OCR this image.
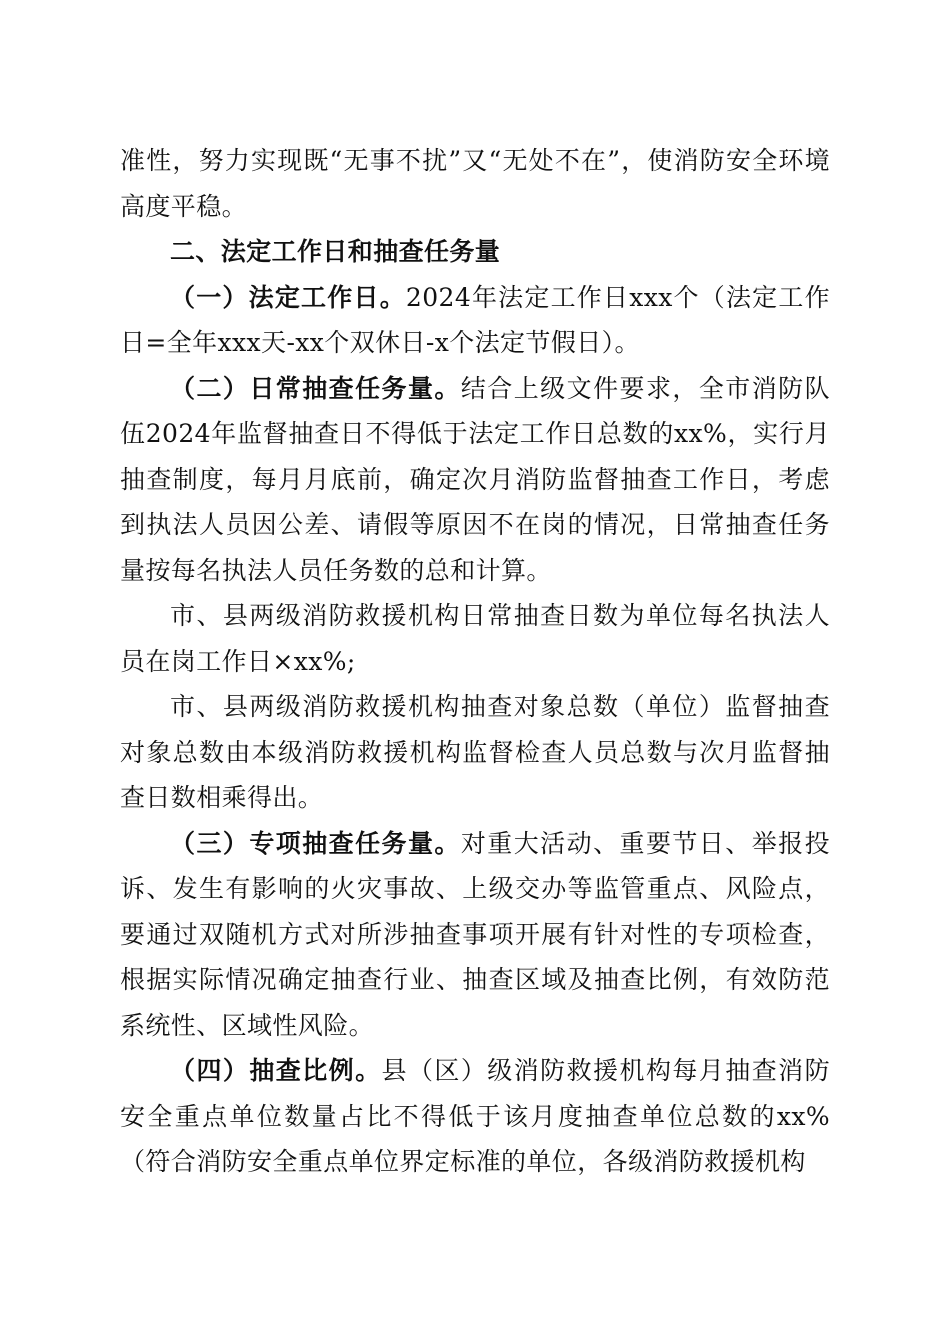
准性，努力实现既“无事不扰”又“无处不在”，使消防安全环境高度平稳。

二、法定工作日和抽查任务量

（一）法定工作日。2024年法定工作日xxx个（法定工作日=全年xxx天-xx个双休日-x个法定节假日）。

（二）日常抽查任务量。结合上级文件要求，全市消防队伍2024年监督抽查日不得低于法定工作日总数的xx%，实行月抽查制度，每月月底前，确定次月消防监督抽查工作日，考虑到执法人员因公差、请假等原因不在岗的情况，日常抽查任务量按每名执法人员任务数的总和计算。

市、县两级消防救援机构日常抽查日数为单位每名执法人员在岗工作日×xx%;

市、县两级消防救援机构抽查对象总数（单位）监督抽查对象总数由本级消防救援机构监督检查人员总数与次月监督抽查日数相乘得出。

（三）专项抽查任务量。对重大活动、重要节日、举报投诉、发生有影响的火灾事故、上级交办等监管重点、风险点，要通过双随机方式对所涉抽查事项开展有针对性的专项检查，根据实际情况确定抽查行业、抽查区域及抽查比例，有效防范系统性、区域性风险。

（四）抽查比例。县（区）级消防救援机构每月抽查消防安全重点单位数量占比不得低于该月度抽查单位总数的xx%（符合消防安全重点单位界定标准的单位，各级消防救援机构
